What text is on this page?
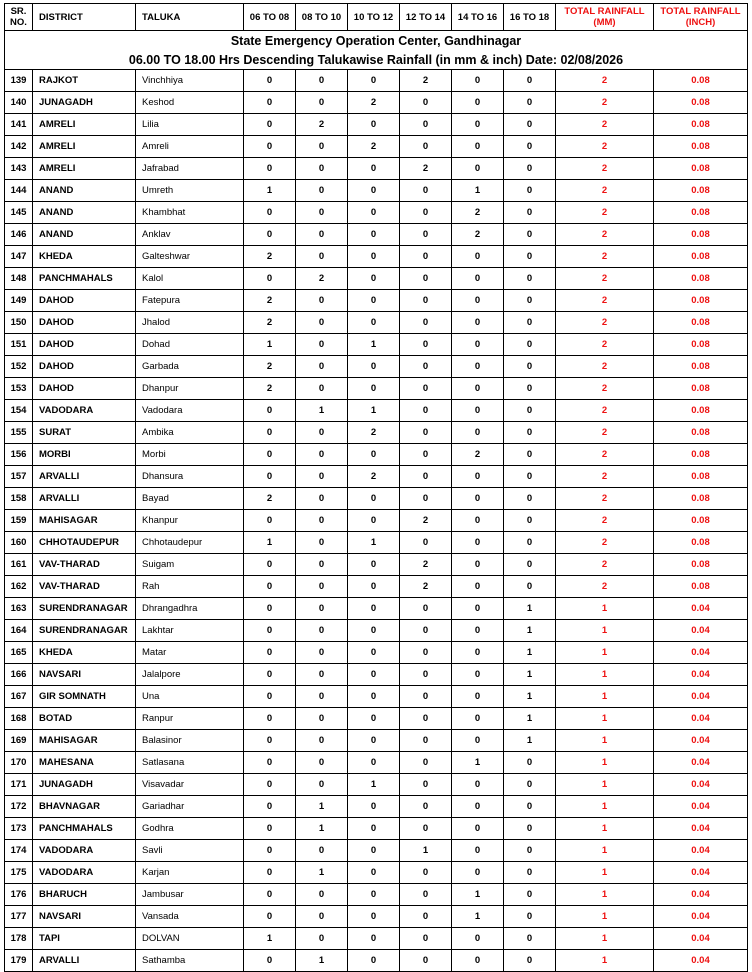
State Emergency Operation Center, Gandhinagar										
06.00 TO 18.00 Hrs Descending Talukawise Rainfall (in mm & inch) Date: 02/08/2026										
SR. NO.	DISTRICT	TALUKA	06 TO 08	08 TO 10	10 TO 12	12 TO 14	14 TO 16	16 TO 18	TOTAL RAINFALL (MM)	TOTAL RAINFALL (INCH)
139	RAJKOT	Vinchhiya	0	0	0	2	0	0	2	0.08
140	JUNAGADH	Keshod	0	0	2	0	0	0	2	0.08
141	AMRELI	Lilia	0	2	0	0	0	0	2	0.08
142	AMRELI	Amreli	0	0	2	0	0	0	2	0.08
143	AMRELI	Jafrabad	0	0	0	2	0	0	2	0.08
144	ANAND	Umreth	1	0	0	0	1	0	2	0.08
145	ANAND	Khambhat	0	0	0	0	2	0	2	0.08
146	ANAND	Anklav	0	0	0	0	2	0	2	0.08
147	KHEDA	Galteshwar	2	0	0	0	0	0	2	0.08
148	PANCHMAHALS	Kalol	0	2	0	0	0	0	2	0.08
149	DAHOD	Fatepura	2	0	0	0	0	0	2	0.08
150	DAHOD	Jhalod	2	0	0	0	0	0	2	0.08
151	DAHOD	Dohad	1	0	1	0	0	0	2	0.08
152	DAHOD	Garbada	2	0	0	0	0	0	2	0.08
153	DAHOD	Dhanpur	2	0	0	0	0	0	2	0.08
154	VADODARA	Vadodara	0	1	1	0	0	0	2	0.08
155	SURAT	Ambika	0	0	2	0	0	0	2	0.08
156	MORBI	Morbi	0	0	0	0	2	0	2	0.08
157	ARVALLI	Dhansura	0	0	2	0	0	0	2	0.08
158	ARVALLI	Bayad	2	0	0	0	0	0	2	0.08
159	MAHISAGAR	Khanpur	0	0	0	2	0	0	2	0.08
160	CHHOTAUDEPUR	Chhotaudepur	1	0	1	0	0	0	2	0.08
161	VAV-THARAD	Suigam	0	0	0	2	0	0	2	0.08
162	VAV-THARAD	Rah	0	0	0	2	0	0	2	0.08
163	SURENDRANAGAR	Dhrangadhra	0	0	0	0	0	1	1	0.04
164	SURENDRANAGAR	Lakhtar	0	0	0	0	0	1	1	0.04
165	KHEDA	Matar	0	0	0	0	0	1	1	0.04
166	NAVSARI	Jalalpore	0	0	0	0	0	1	1	0.04
167	GIR SOMNATH	Una	0	0	0	0	0	1	1	0.04
168	BOTAD	Ranpur	0	0	0	0	0	1	1	0.04
169	MAHISAGAR	Balasinor	0	0	0	0	0	1	1	0.04
170	MAHESANA	Satlasana	0	0	0	0	1	0	1	0.04
171	JUNAGADH	Visavadar	0	0	1	0	0	0	1	0.04
172	BHAVNAGAR	Gariadhar	0	1	0	0	0	0	1	0.04
173	PANCHMAHALS	Godhra	0	1	0	0	0	0	1	0.04
174	VADODARA	Savli	0	0	0	1	0	0	1	0.04
175	VADODARA	Karjan	0	1	0	0	0	0	1	0.04
176	BHARUCH	Jambusar	0	0	0	0	1	0	1	0.04
177	NAVSARI	Vansada	0	0	0	0	1	0	1	0.04
178	TAPI	DOLVAN	1	0	0	0	0	0	1	0.04
179	ARVALLI	Sathamba	0	1	0	0	0	0	1	0.04
